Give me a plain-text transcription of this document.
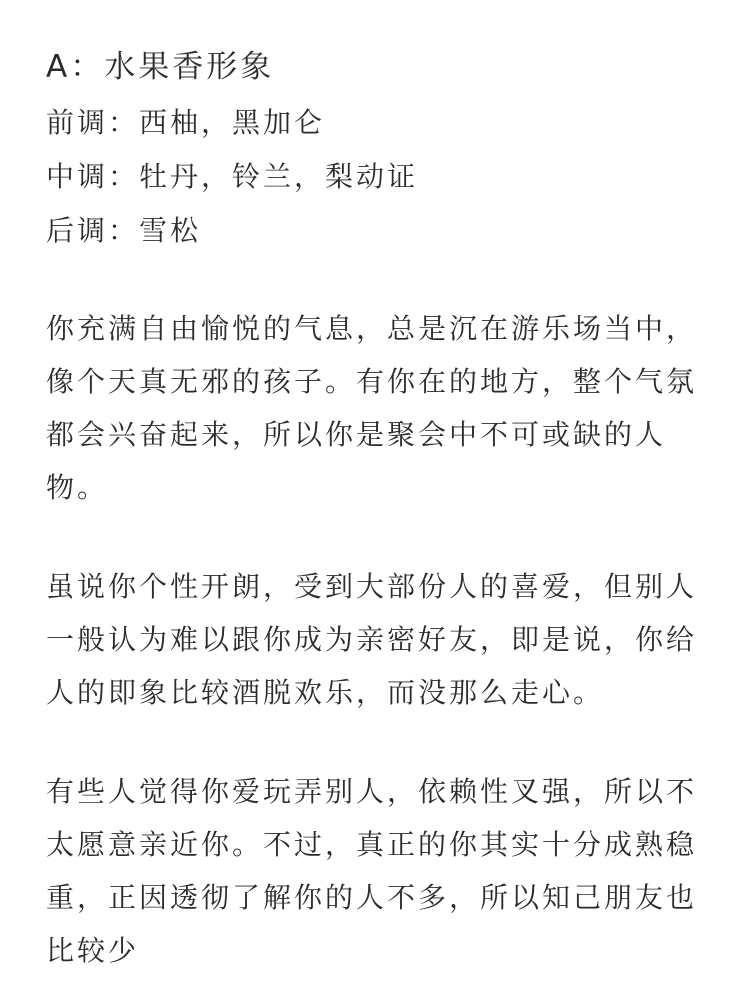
A：水果香形象
前调：西柚，黑加仑
中调：牡丹，铃兰，梨动证
后调：雪松

你充满自由愉悦的气息，总是沉在游乐场当中，像个天真无邪的孩子。有你在的地方，整个气氛都会兴奋起来，所以你是聚会中不可或缺的人物。

虽说你个性开朗，受到大部份人的喜爱，但别人一般认为难以跟你成为亲密好友，即是说，你给人的即象比较酒脱欢乐，而没那么走心。

有些人觉得你爱玩弄别人，依赖性叉强，所以不太愿意亲近你。不过，真正的你其实十分成熟稳重，正因透彻了解你的人不多，所以知己朋友也比较少
